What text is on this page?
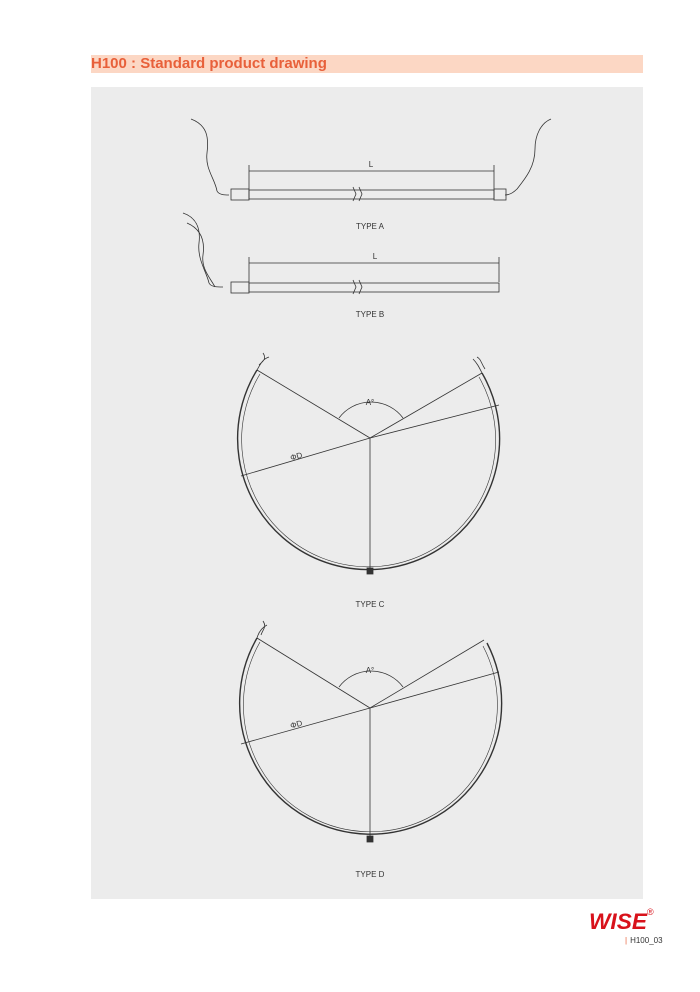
H100 : Standard product drawing
L
TYPE A
L
TYPE B
A°
ΦD
TYPE C
A°
ΦD
TYPE D
WISE
®
| H100_03
